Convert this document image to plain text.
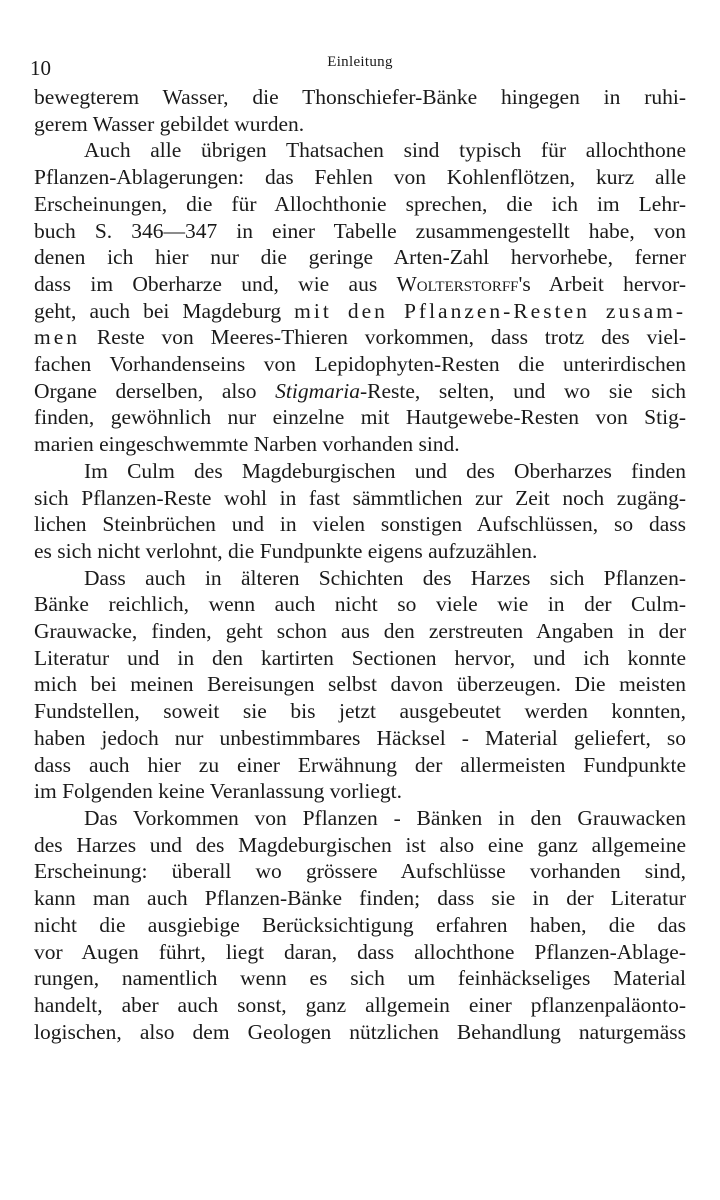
10	Einleitung

bewegterem Wasser, die Thonschiefer-Bänke hingegen in ruhi-
gerem Wasser gebildet wurden.

Auch alle übrigen Thatsachen sind typisch für allochthone
Pflanzen-Ablagerungen: das Fehlen von Kohlenflötzen, kurz alle
Erscheinungen, die für Allochthonie sprechen, die ich im Lehr-
buch S. 346—347 in einer Tabelle zusammengestellt habe, von
denen ich hier nur die geringe Arten-Zahl hervorhebe, ferner
dass im Oberharze und, wie aus Wolterstorff's Arbeit hervor-
geht, auch bei Magdeburg mit den Pflanzen-Resten zusam-
men Reste von Meeres-Thieren vorkommen, dass trotz des viel-
fachen Vorhandenseins von Lepidophyten-Resten die unterirdischen
Organe derselben, also Stigmaria-Reste, selten, und wo sie sich
finden, gewöhnlich nur einzelne mit Hautgewebe-Resten von Stig-
marien eingeschwemmte Narben vorhanden sind.

Im Culm des Magdeburgischen und des Oberharzes finden
sich Pflanzen-Reste wohl in fast sämmtlichen zur Zeit noch zugäng-
lichen Steinbrüchen und in vielen sonstigen Aufschlüssen, so dass
es sich nicht verlohnt, die Fundpunkte eigens aufzuzählen.

Dass auch in älteren Schichten des Harzes sich Pflanzen-
Bänke reichlich, wenn auch nicht so viele wie in der Culm-
Grauwacke, finden, geht schon aus den zerstreuten Angaben in der
Literatur und in den kartirten Sectionen hervor, und ich konnte
mich bei meinen Bereisungen selbst davon überzeugen. Die meisten
Fundstellen, soweit sie bis jetzt ausgebeutet werden konnten,
haben jedoch nur unbestimmbares Häcksel - Material geliefert, so
dass auch hier zu einer Erwähnung der allermeisten Fundpunkte
im Folgenden keine Veranlassung vorliegt.

Das Vorkommen von Pflanzen - Bänken in den Grauwacken
des Harzes und des Magdeburgischen ist also eine ganz allgemeine
Erscheinung: überall wo grössere Aufschlüsse vorhanden sind,
kann man auch Pflanzen-Bänke finden; dass sie in der Literatur
nicht die ausgiebige Berücksichtigung erfahren haben, die das
vor Augen führt, liegt daran, dass allochthone Pflanzen-Ablage-
rungen, namentlich wenn es sich um feinhäckseliges Material
handelt, aber auch sonst, ganz allgemein einer pflanzenpaläonto-
logischen, also dem Geologen nützlichen Behandlung naturgemäss
